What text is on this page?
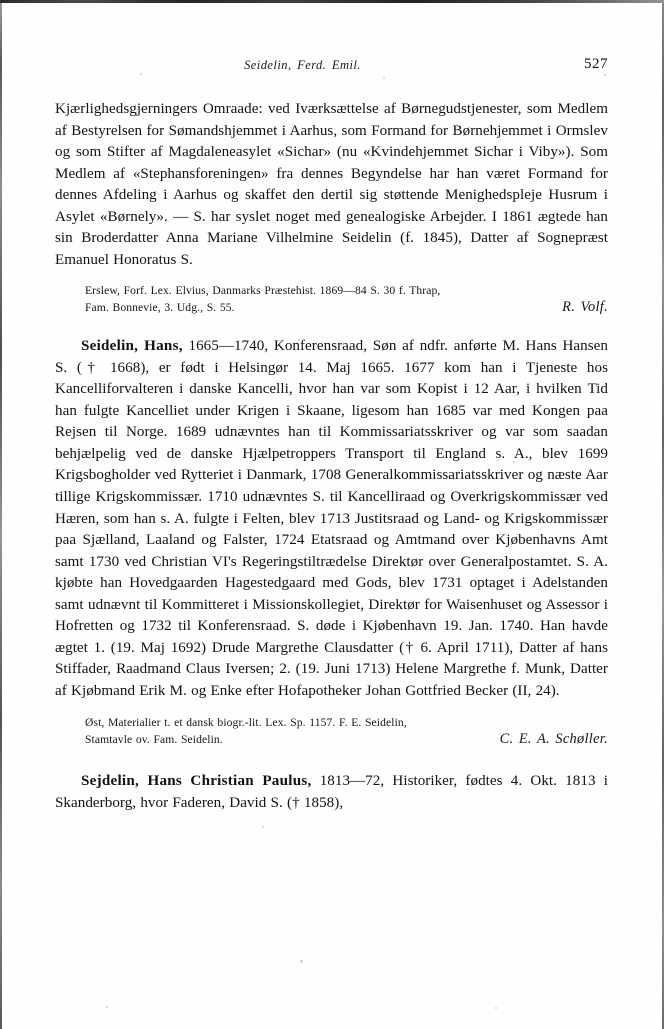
Seidelin, Ferd. Emil.	527

Kjærlighedsgjerningers Omraade: ved Iværksættelse af Børnegudstjenester, som Medlem af Bestyrelsen for Sømandshjemmet i Aarhus, som Formand for Børnehjemmet i Ormslev og som Stifter af Magdaleneasylet «Sichar» (nu «Kvindehjemmet Sichar i Viby»). Som Medlem af «Stephansforeningen» fra dennes Begyndelse har han været Formand for dennes Afdeling i Aarhus og skaffet den dertil sig støttende Menighedspleje Husrum i Asylet «Børnely». — S. har syslet noget med genealogiske Arbejder. I 1861 ægtede han sin Broderdatter Anna Mariane Vilhelmine Seidelin (f. 1845), Datter af Sognepræst Emanuel Honoratus S.

Erslew, Forf. Lex. Elvius, Danmarks Præstehist. 1869—84 S. 30 f. Thrap,
R. Volf.
Fam. Bonnevie, 3. Udg., S. 55.

Seidelin, Hans, 1665—1740, Konferensraad, Søn af ndfr. anførte M. Hans Hansen S. († 1668), er født i Helsingør 14. Maj 1665. 1677 kom han i Tjeneste hos Kancelliforvalteren i danske Kancelli, hvor han var som Kopist i 12 Aar, i hvilken Tid han fulgte Kancelliet under Krigen i Skaane, ligesom han 1685 var med Kongen paa Rejsen til Norge. 1689 udnævntes han til Kommissariatsskriver og var som saadan behjælpelig ved de danske Hjælpetroppers Transport til England s. A., blev 1699 Krigsbogholder ved Rytteriet i Danmark, 1708 Generalkommissariatsskriver og næste Aar tillige Krigskommissær. 1710 udnævntes S. til Kancelliraad og Overkrigskommissær ved Hæren, som han s. A. fulgte i Felten, blev 1713 Justitsraad og Land- og Krigskommissær paa Sjælland, Laaland og Falster, 1724 Etatsraad og Amtmand over Kjøbenhavns Amt samt 1730 ved Christian VI's Regeringstiltrædelse Direktør over Generalpostamtet. S. A. kjøbte han Hovedgaarden Hagestedgaard med Gods, blev 1731 optaget i Adelstanden samt udnævnt til Kommitteret i Missionskollegiet, Direktør for Waisenhuset og Assessor i Hofretten og 1732 til Konferensraad. S. døde i Kjøbenhavn 19. Jan. 1740. Han havde ægtet 1. (19. Maj 1692) Drude Margrethe Clausdatter († 6. April 1711), Datter af hans Stiffader, Raadmand Claus Iversen; 2. (19. Juni 1713) Helene Margrethe f. Munk, Datter af Kjøbmand Erik M. og Enke efter Hofapotheker Johan Gottfried Becker (II, 24).

Øst, Materialier t. et dansk biogr.-lit. Lex. Sp. 1157. F. E. Seidelin,
C. E. A. Schøller.
Stamtavle ov. Fam. Seidelin.

Sejdelin, Hans Christian Paulus, 1813—72, Historiker, fødtes 4. Okt. 1813 i Skanderborg, hvor Faderen, David S. († 1858),
